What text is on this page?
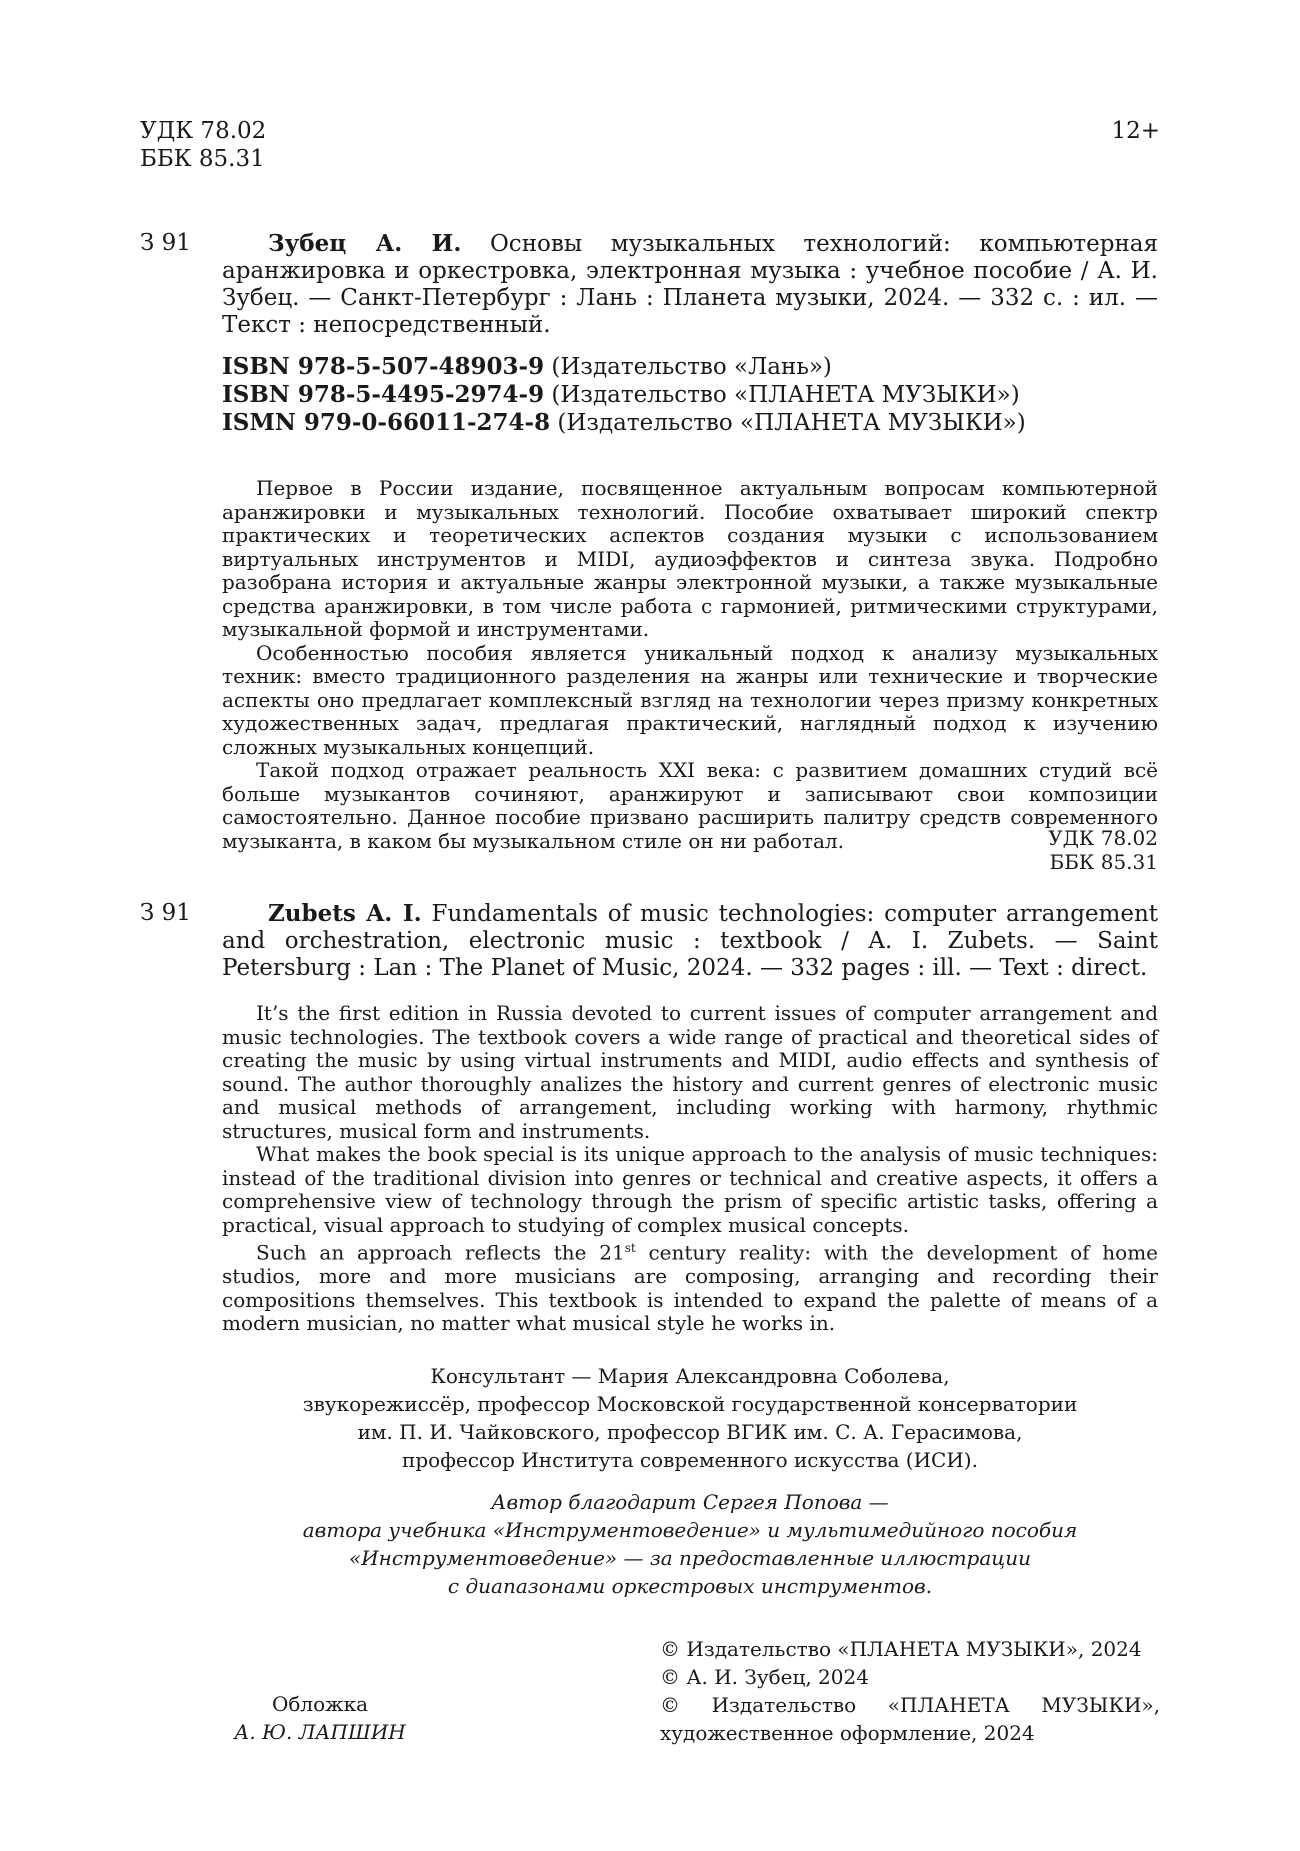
УДК 78.02
ББК 85.31
12+
З 91	Зубец А. И. Основы музыкальных технологий: компьютерная аранжировка и оркестровка, электронная музыка : учебное пособие / А. И. Зубец. — Санкт-Петербург : Лань : Планета музыки, 2024. — 332 с. : ил. — Текст : непосредственный.

ISBN 978-5-507-48903-9 (Издательство «Лань»)
ISBN 978-5-4495-2974-9 (Издательство «ПЛАНЕТА МУЗЫКИ»)
ISMN 979-0-66011-274-8 (Издательство «ПЛАНЕТА МУЗЫКИ»)

Первое в России издание, посвященное актуальным вопросам компьютерной аранжировки и музыкальных технологий. Пособие охватывает широкий спектр практических и теоретических аспектов создания музыки с использованием виртуальных инструментов и MIDI, аудиоэффектов и синтеза звука. Подробно разобрана история и актуальные жанры электронной музыки, а также музыкальные средства аранжировки, в том числе работа с гармонией, ритмическими структурами, музыкальной формой и инструментами.

Особенностью пособия является уникальный подход к анализу музыкальных техник: вместо традиционного разделения на жанры или технические и творческие аспекты оно предлагает комплексный взгляд на технологии через призму конкретных художественных задач, предлагая практический, наглядный подход к изучению сложных музыкальных концепций.

Такой подход отражает реальность XXI века: с развитием домашних студий всё больше музыкантов сочиняют, аранжируют и записывают свои композиции самостоятельно. Данное пособие призвано расширить палитру средств современного музыканта, в каком бы музыкальном стиле он ни работал.	УДК 78.02
ББК 85.31
З 91	Zubets A. I. Fundamentals of music technologies: computer arrangement and orchestration, electronic music : textbook / A. I. Zubets. — Saint Petersburg : Lan : The Planet of Music, 2024. — 332 pages : ill. — Text : direct.

It’s the first edition in Russia devoted to current issues of computer arrangement and music technologies. The textbook covers a wide range of practical and theoretical sides of creating the music by using virtual instruments and MIDI, audio effects and synthesis of sound. The author thoroughly analizes the history and current genres of electronic music and musical methods of arrangement, including working with harmony, rhythmic structures, musical form and instruments.

What makes the book special is its unique approach to the analysis of music techniques: instead of the traditional division into genres or technical and creative aspects, it offers a comprehensive view of technology through the prism of specific artistic tasks, offering a practical, visual approach to studying of complex musical concepts.

Such an approach reflects the 21st century reality: with the development of home studios, more and more musicians are composing, arranging and recording their compositions themselves. This textbook is intended to expand the palette of means of a modern musician, no matter what musical style he works in.

Консультант — Мария Александровна Соболева,
звукорежиссёр, профессор Московской государственной консерватории
им. П. И. Чайковского, профессор ВГИК им. С. А. Герасимова,
профессор Института современного искусства (ИСИ).
Автор благодарит Сергея Попова —
автора учебника «Инструментоведение» и мультимедийного пособия
«Инструментоведение» — за предоставленные иллюстрации
с диапазонами оркестровых инструментов.
© Издательство «ПЛАНЕТА МУЗЫКИ», 2024
© А. И. Зубец, 2024
© Издательство «ПЛАНЕТА МУЗЫКИ», художественное оформление, 2024
Обложка
А. Ю. ЛАПШИН
